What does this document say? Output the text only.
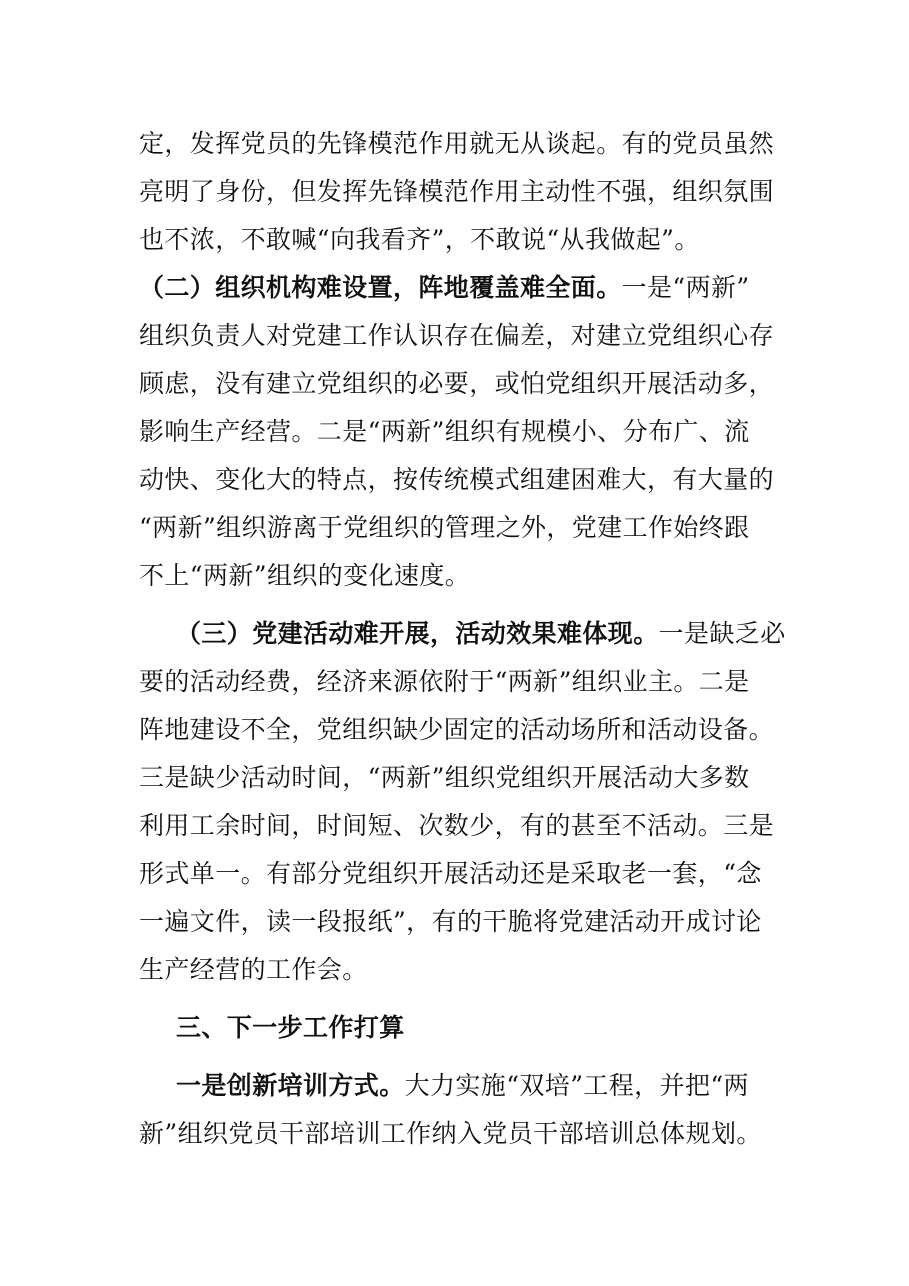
定，发挥党员的先锋模范作用就无从谈起。有的党员虽然
亮明了身份，但发挥先锋模范作用主动性不强，组织氛围
也不浓，不敢喊“向我看齐”，不敢说“从我做起”。
（二）组织机构难设置，阵地覆盖难全面。一是“两新”
组织负责人对党建工作认识存在偏差，对建立党组织心存
顾虑，没有建立党组织的必要，或怕党组织开展活动多，
影响生产经营。二是“两新”组织有规模小、分布广、流
动快、变化大的特点，按传统模式组建困难大，有大量的
“两新”组织游离于党组织的管理之外，党建工作始终跟
不上“两新”组织的变化速度。
（三）党建活动难开展，活动效果难体现。一是缺乏必
要的活动经费，经济来源依附于“两新”组织业主。二是
阵地建设不全，党组织缺少固定的活动场所和活动设备。
三是缺少活动时间，“两新”组织党组织开展活动大多数
利用工余时间，时间短、次数少，有的甚至不活动。三是
形式单一。有部分党组织开展活动还是采取老一套，“念
一遍文件，读一段报纸”，有的干脆将党建活动开成讨论
生产经营的工作会。
三、下一步工作打算
一是创新培训方式。大力实施“双培”工程，并把“两
新”组织党员干部培训工作纳入党员干部培训总体规划。
